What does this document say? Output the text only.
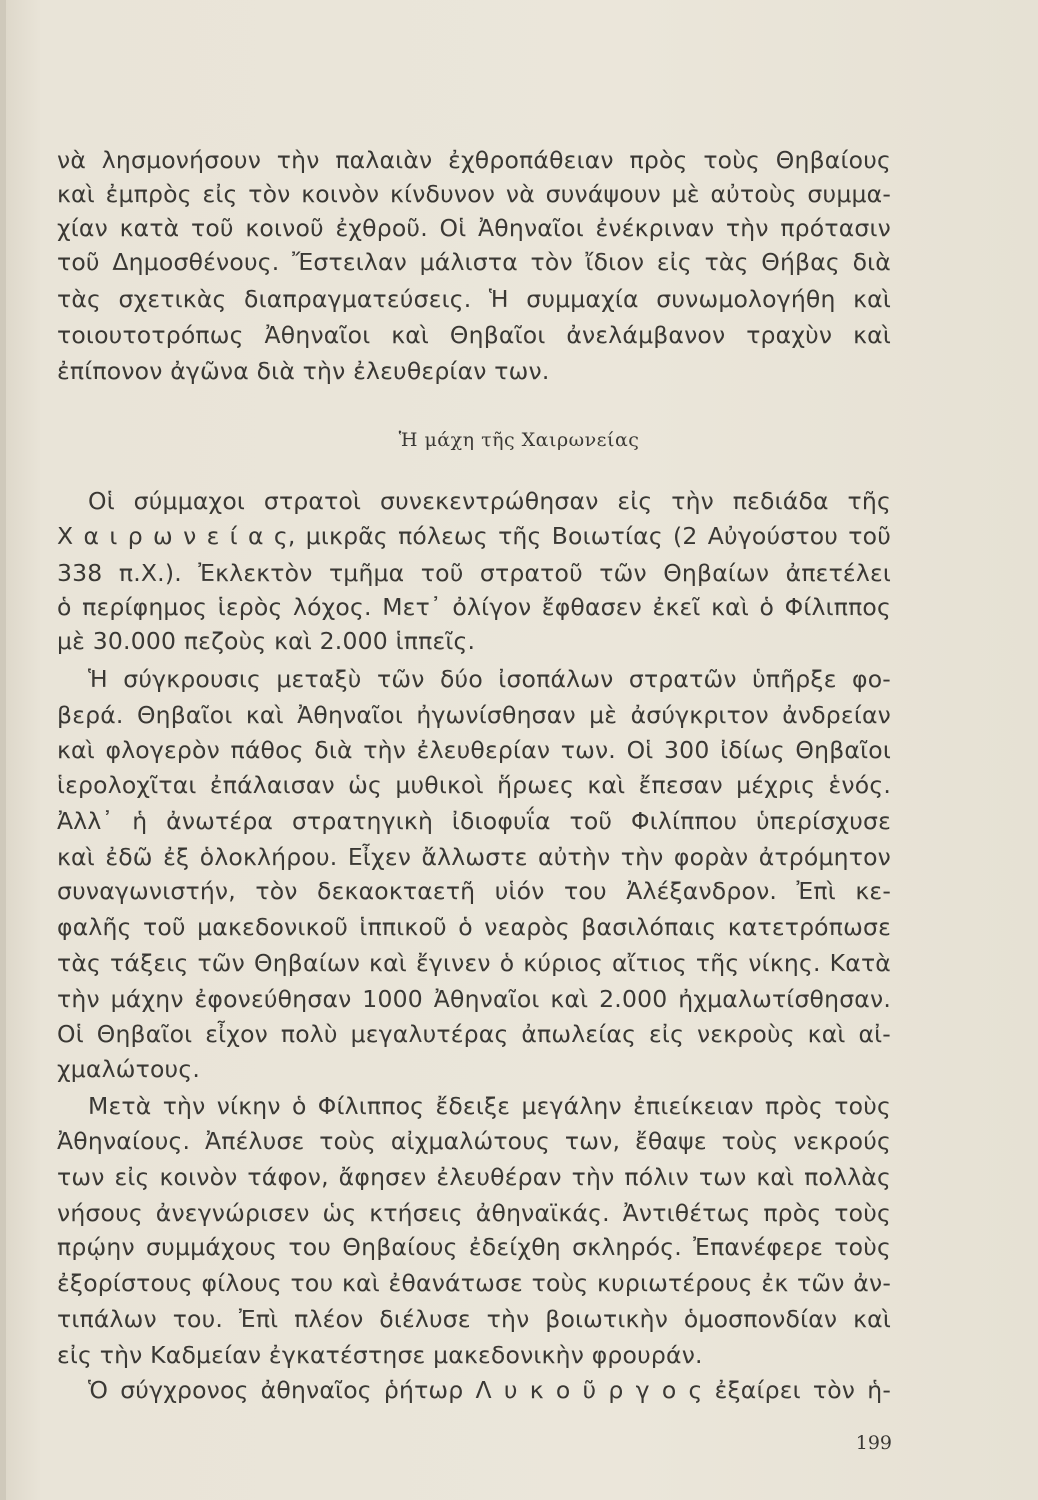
νὰ λησμονήσουν τὴν παλαιὰν ἐχθροπάθειαν πρὸς τοὺς Θηβαίους
καὶ ἐμπρὸς εἰς τὸν κοινὸν κίνδυνον νὰ συνάψουν μὲ αὐτοὺς συμμα-
χίαν κατὰ τοῦ κοινοῦ ἐχθροῦ. Οἱ Ἀθηναῖοι ἐνέκριναν τὴν πρότασιν
τοῦ Δημοσθένους. Ἔστειλαν μάλιστα τὸν ἴδιον εἰς τὰς Θήβας διὰ
τὰς σχετικὰς διαπραγματεύσεις. Ἡ συμμαχία συνωμολογήθη καὶ
τοιουτοτρόπως Ἀθηναῖοι καὶ Θηβαῖοι ἀνελάμβανον τραχὺν καὶ
ἐπίπονον ἀγῶνα διὰ τὴν ἐλευθερίαν των.
Ἡ μάχη τῆς Χαιρωνείας
Οἱ σύμμαχοι στρατοὶ συνεκεντρώθησαν εἰς τὴν πεδιάδα τῆς
Χ α ι ρ ω ν ε ί α ς, μικρᾶς πόλεως τῆς Βοιωτίας (2 Αὐγούστου τοῦ
338 π.Χ.). Ἐκλεκτὸν τμῆμα τοῦ στρατοῦ τῶν Θηβαίων ἀπετέλει
ὁ περίφημος ἱερὸς λόχος. Μετ᾽ ὀλίγον ἔφθασεν ἐκεῖ καὶ ὁ Φίλιππος
μὲ 30.000 πεζοὺς καὶ 2.000 ἱππεῖς.
Ἡ σύγκρουσις μεταξὺ τῶν δύο ἰσοπάλων στρατῶν ὑπῆρξε φο-
βερά. Θηβαῖοι καὶ Ἀθηναῖοι ἠγωνίσθησαν μὲ ἀσύγκριτον ἀνδρείαν
καὶ φλογερὸν πάθος διὰ τὴν ἐλευθερίαν των. Οἱ 300 ἰδίως Θηβαῖοι
ἱερολοχῖται ἐπάλαισαν ὡς μυθικοὶ ἥρωες καὶ ἔπεσαν μέχρις ἑνός.
Ἀλλ᾽ ἡ ἀνωτέρα στρατηγικὴ ἰδιοφυΐα τοῦ Φιλίππου ὑπερίσχυσε
καὶ ἐδῶ ἐξ ὁλοκλήρου. Εἶχεν ἄλλωστε αὐτὴν τὴν φορὰν ἀτρόμητον
συναγωνιστήν, τὸν δεκαοκταετῆ υἱόν του Ἀλέξανδρον. Ἐπὶ κε-
φαλῆς τοῦ μακεδονικοῦ ἱππικοῦ ὁ νεαρὸς βασιλόπαις κατετρόπωσε
τὰς τάξεις τῶν Θηβαίων καὶ ἔγινεν ὁ κύριος αἴτιος τῆς νίκης. Κατὰ
τὴν μάχην ἐφονεύθησαν 1000 Ἀθηναῖοι καὶ 2.000 ἠχμαλωτίσθησαν.
Οἱ Θηβαῖοι εἶχον πολὺ μεγαλυτέρας ἀπωλείας εἰς νεκροὺς καὶ αἰ-
χμαλώτους.
Μετὰ τὴν νίκην ὁ Φίλιππος ἔδειξε μεγάλην ἐπιείκειαν πρὸς τοὺς
Ἀθηναίους. Ἀπέλυσε τοὺς αἰχμαλώτους των, ἔθαψε τοὺς νεκρούς
των εἰς κοινὸν τάφον, ἄφησεν ἐλευθέραν τὴν πόλιν των καὶ πολλὰς
νήσους ἀνεγνώρισεν ὡς κτήσεις ἀθηναϊκάς. Ἀντιθέτως πρὸς τοὺς
πρῴην συμμάχους του Θηβαίους ἐδείχθη σκληρός. Ἐπανέφερε τοὺς
ἐξορίστους φίλους του καὶ ἐθανάτωσε τοὺς κυριωτέρους ἐκ τῶν ἀν-
τιπάλων του. Ἐπὶ πλέον διέλυσε τὴν βοιωτικὴν ὁμοσπονδίαν καὶ
εἰς τὴν Καδμείαν ἐγκατέστησε μακεδονικὴν φρουράν.
Ὁ σύγχρονος ἀθηναῖος ῥήτωρ Λ υ κ ο ῦ ρ γ ο ς ἐξαίρει τὸν ἡ-
199
